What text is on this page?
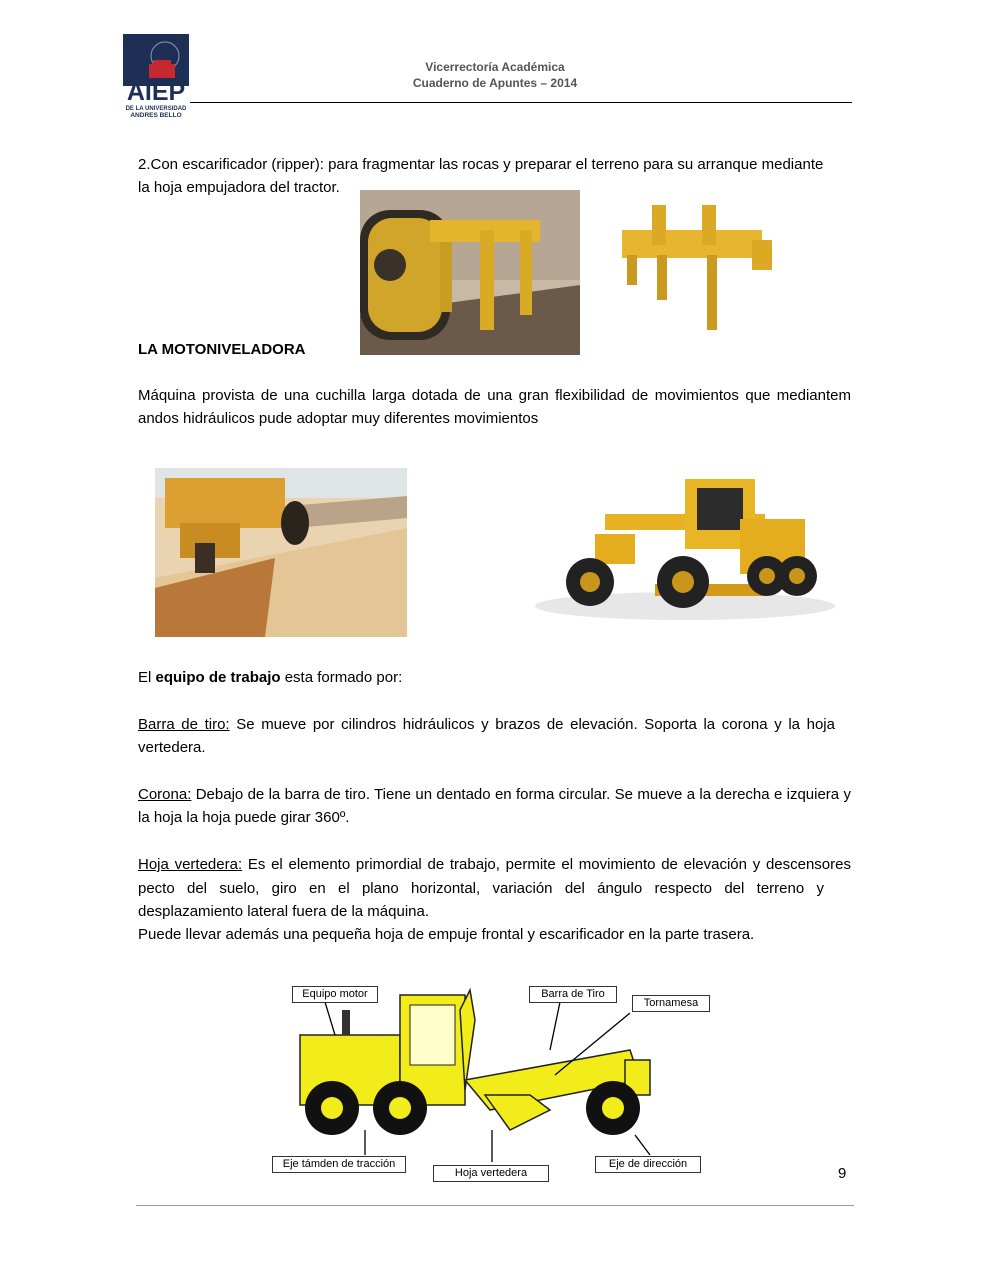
AIEP
DE LA UNIVERSIDAD
ANDRES BELLO
Vicerrectoría Académica
Cuaderno de Apuntes – 2014
2.Con escarificador (ripper): para fragmentar las rocas y preparar el terreno para su arranque mediante
la hoja empujadora del tractor.
LA MOTONIVELADORA
Máquina provista de una cuchilla larga dotada de una gran flexibilidad de movimientos que mediantem
andos hidráulicos pude adoptar muy diferentes movimientos
El equipo de trabajo esta formado por:
Barra de tiro: Se mueve por cilindros hidráulicos y brazos de elevación. Soporta la corona y la hoja
vertedera.
Corona: Debajo de la barra de tiro. Tiene un dentado en forma circular. Se mueve a la derecha e izquiera y
la hoja la hoja puede girar 360º.
Hoja vertedera: Es el elemento primordial de trabajo, permite el movimiento de elevación y descensores
pecto del suelo, giro en el plano horizontal, variación del ángulo respecto del terreno y
desplazamiento lateral fuera de la máquina.
Puede llevar además una pequeña hoja de empuje frontal y escarificador en la parte trasera.
Equipo motor	Barra de Tiro
Tornamesa
Eje támden de tracción
Hoja vertedera
Eje de dirección
9
